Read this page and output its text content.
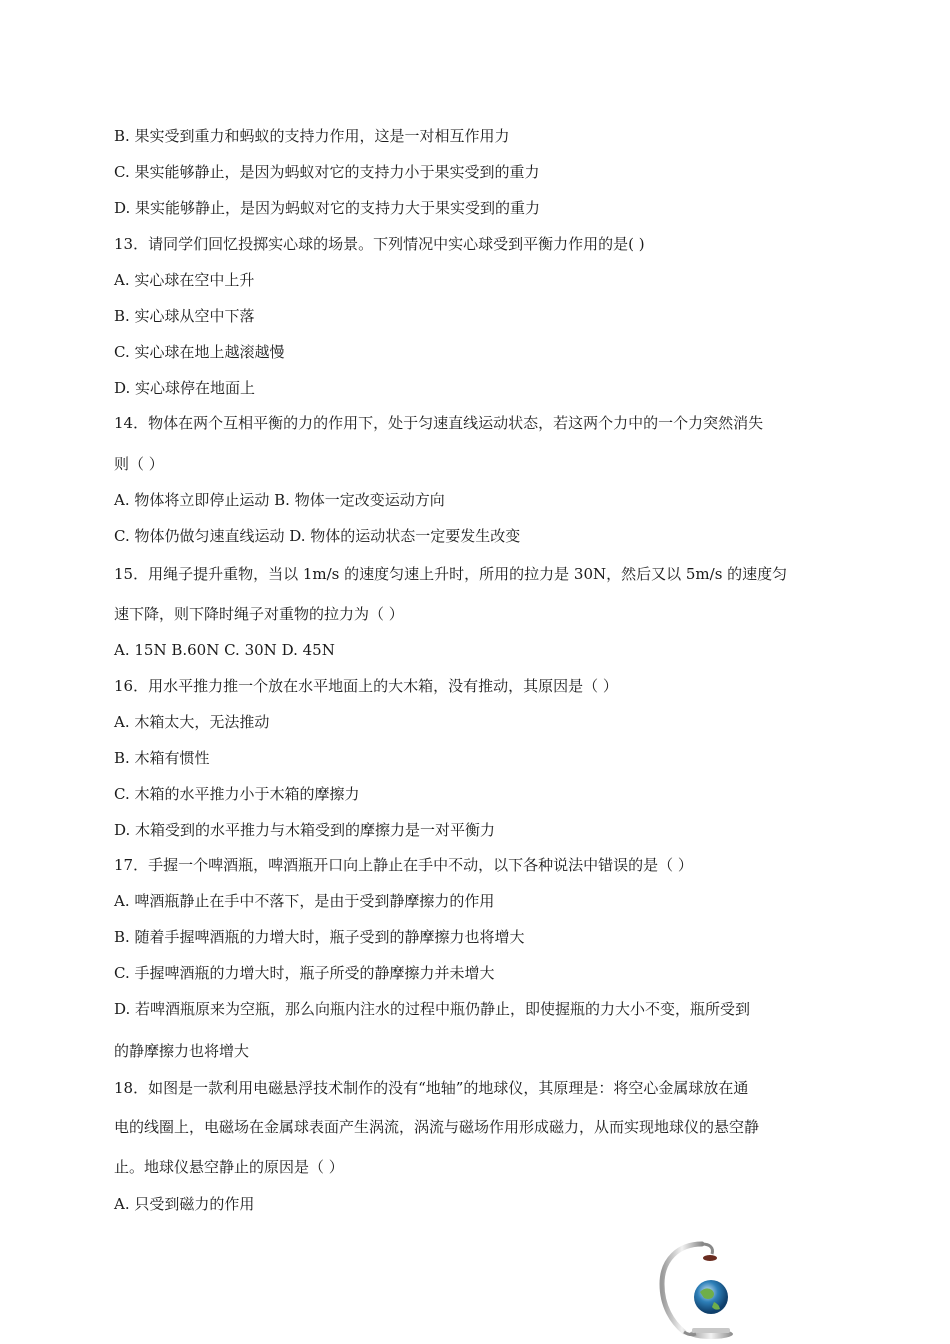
B. 果实受到重力和蚂蚁的支持力作用，这是一对相互作用力
C. 果实能够静止，是因为蚂蚁对它的支持力小于果实受到的重力
D. 果实能够静止，是因为蚂蚁对它的支持力大于果实受到的重力
13．请同学们回忆投掷实心球的场景。下列情况中实心球受到平衡力作用的是( )
A. 实心球在空中上升
B. 实心球从空中下落
C. 实心球在地上越滚越慢
D. 实心球停在地面上
14．物体在两个互相平衡的力的作用下，处于匀速直线运动状态，若这两个力中的一个力突然消失
则（ ）
A. 物体将立即停止运动 B. 物体一定改变运动方向
C. 物体仍做匀速直线运动 D. 物体的运动状态一定要发生改变
15．用绳子提升重物，当以 1m/s 的速度匀速上升时，所用的拉力是 30N，然后又以 5m/s 的速度匀
速下降，则下降时绳子对重物的拉力为（ ）
A. 15N B.60N C. 30N D. 45N
16．用水平推力推一个放在水平地面上的大木箱，没有推动，其原因是（ ）
A. 木箱太大，无法推动
B. 木箱有惯性
C. 木箱的水平推力小于木箱的摩擦力
D. 木箱受到的水平推力与木箱受到的摩擦力是一对平衡力
17．手握一个啤酒瓶，啤酒瓶开口向上静止在手中不动，以下各种说法中错误的是（ ）
A. 啤酒瓶静止在手中不落下，是由于受到静摩擦力的作用
B. 随着手握啤酒瓶的力增大时，瓶子受到的静摩擦力也将增大
C. 手握啤酒瓶的力增大时，瓶子所受的静摩擦力并未增大
D. 若啤酒瓶原来为空瓶，那么向瓶内注水的过程中瓶仍静止，即使握瓶的力大小不变，瓶所受到
的静摩擦力也将增大
18．如图是一款利用电磁悬浮技术制作的没有“地轴”的地球仪，其原理是：将空心金属球放在通
电的线圈上，电磁场在金属球表面产生涡流，涡流与磁场作用形成磁力，从而实现地球仪的悬空静
止。地球仪悬空静止的原因是（ ）
A. 只受到磁力的作用
